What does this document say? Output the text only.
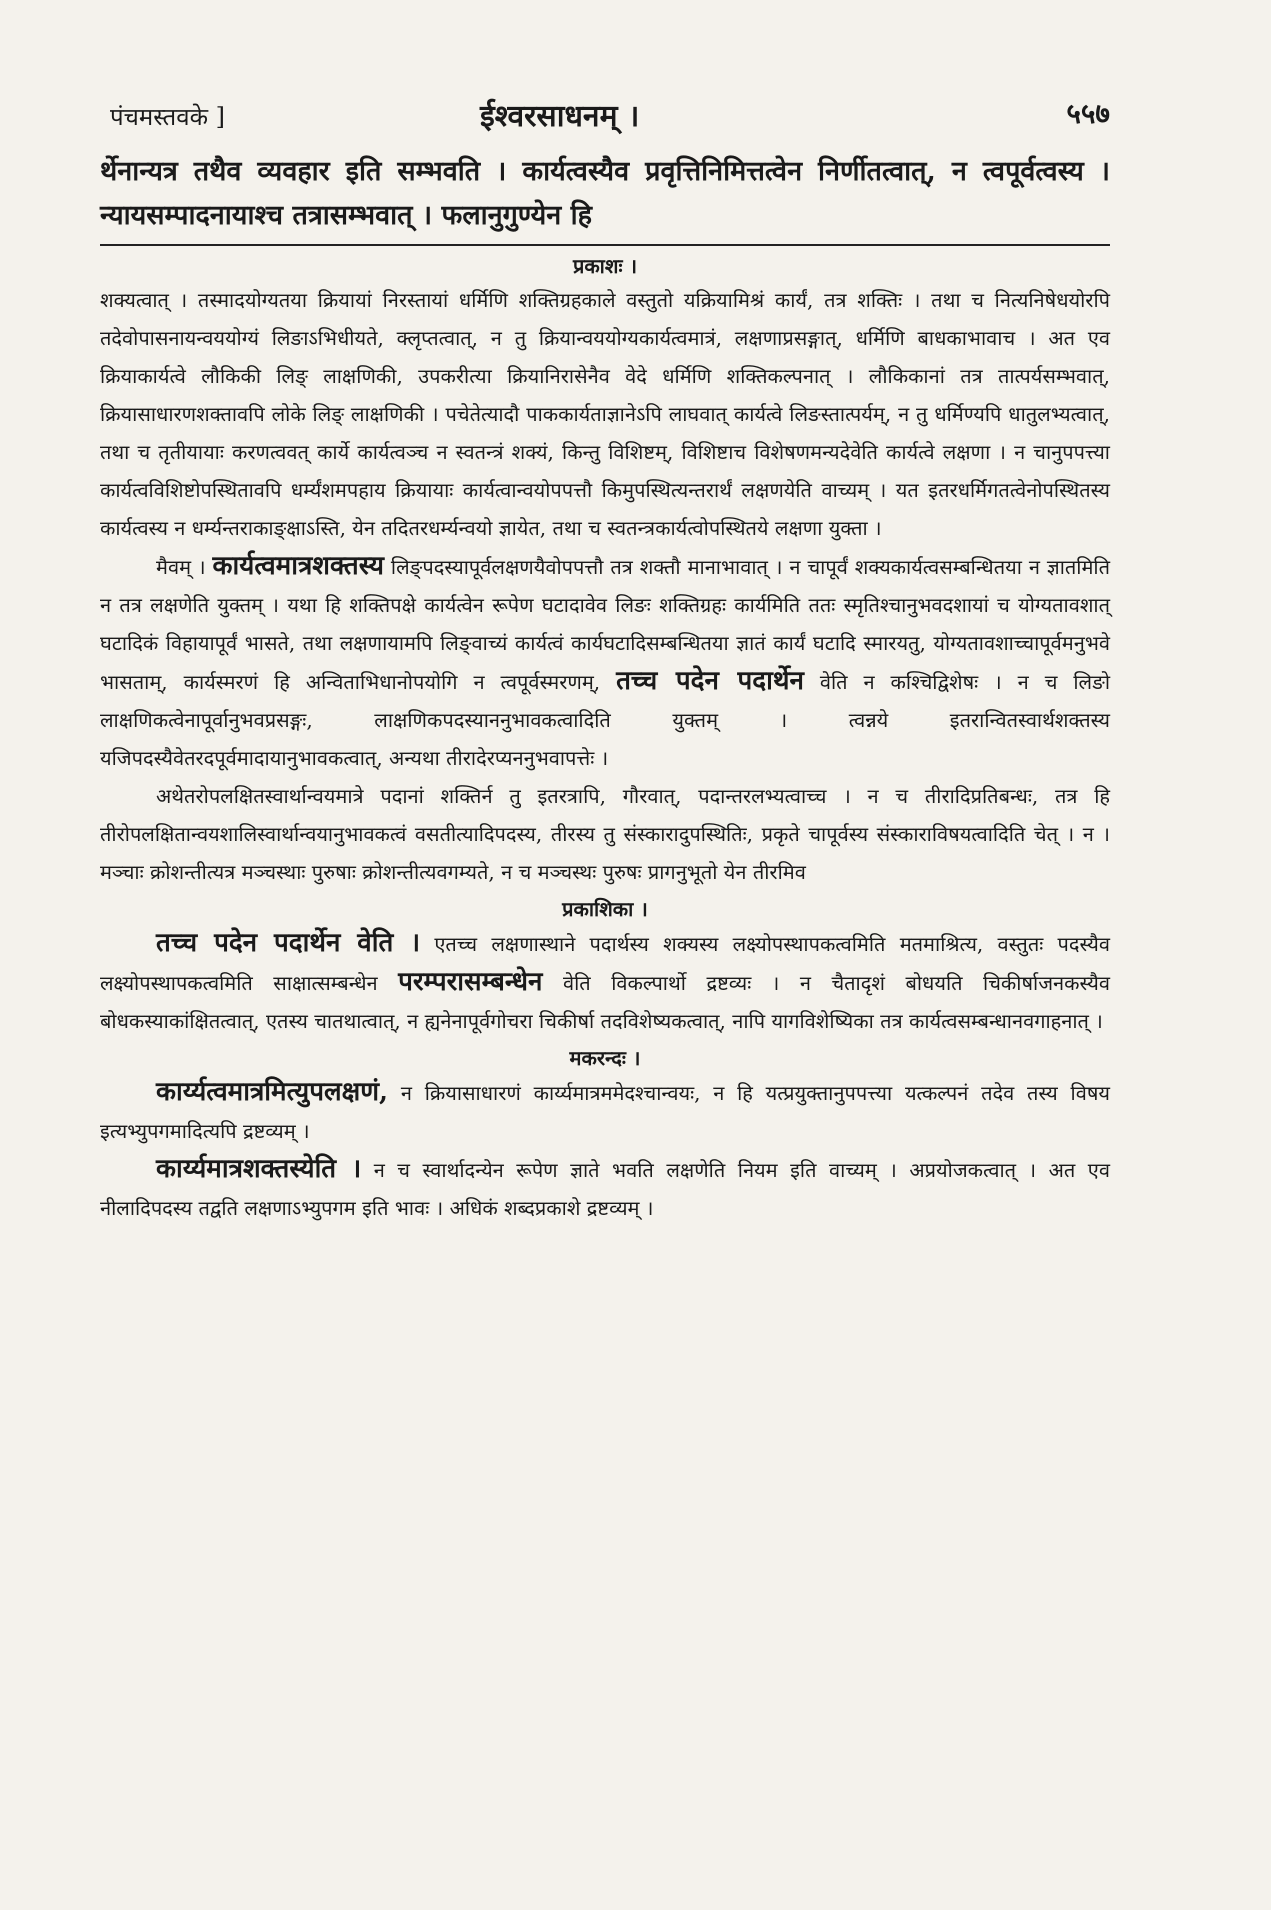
पंचमस्तवके ]	ईश्वरसाधनम् ।	५५७
र्थेनान्यत्र तथैव व्यवहार इति सम्भवति । कार्यत्वस्यैव प्रवृत्तिनिमित्तत्वेन निर्णीतत्वात्, न त्वपूर्वत्वस्य । न्यायसम्पादनायाश्च तत्रासम्भवात् । फलानुगुण्येन हि
प्रकाशः ।

शक्यत्वात् । तस्मादयोग्यतया क्रियायां निरस्तायां धर्मिणि शक्तिग्रहकाले वस्तुतो यक्रियामिश्रं कार्यं, तत्र शक्तिः । तथा च नित्यनिषेधयोरपि तदेवोपासनायन्वययोग्यं लिङाऽभिधीयते, क्लृप्तत्वात्, न तु क्रियान्वययोग्यकार्यत्वमात्रं, लक्षणाप्रसङ्गात्, धर्मिणि बाधकाभावाच । अत एव क्रियाकार्यत्वे लौकिकी लिङ् लाक्षणिकी, उपकरीत्या क्रियानिरासेनैव वेदे धर्मिणि शक्तिकल्पनात् । लौकिकानां तत्र तात्पर्यसम्भवात्, क्रियासाधारणशक्तावपि लोके लिङ् लाक्षणिकी । पचेतेत्यादौ पाककार्यताज्ञानेऽपि लाघवात् कार्यत्वे लिङस्तात्पर्यम्, न तु धर्मिण्यपि धातुलभ्यत्वात्, तथा च तृतीयायाः करणत्ववत् कार्ये कार्यत्वञ्च न स्वतन्त्रं शक्यं, किन्तु विशिष्टम्, विशिष्टाच विशेषणमन्यदेवेति कार्यत्वे लक्षणा । न चानुपपत्त्या कार्यत्वविशिष्टोपस्थितावपि धर्म्यंशमपहाय क्रियायाः कार्यत्वान्वयोपपत्तौ किमुपस्थित्यन्तरार्थं लक्षणयेति वाच्यम् । यत इतरधर्मिगतत्वेनोपस्थितस्य कार्यत्वस्य न धर्म्यन्तराकाङ्क्षाऽस्ति, येन तदितरधर्म्यन्वयो ज्ञायेत, तथा च स्वतन्त्रकार्यत्वोपस्थितये लक्षणा युक्ता ।

मैवम् । कार्यत्वमात्रशक्तस्य लिङ्पदस्यापूर्वलक्षणयैवोपपत्तौ तत्र शक्तौ मानाभावात् । न चापूर्वं शक्यकार्यत्वसम्बन्धितया न ज्ञातमिति न तत्र लक्षणेति युक्तम् । यथा हि शक्तिपक्षे कार्यत्वेन रूपेण घटादावेव लिङः शक्तिग्रहः कार्यमिति ततः स्मृतिश्चानुभवदशायां च योग्यतावशात् घटादिकं विहायापूर्वं भासते, तथा लक्षणायामपि लिङ्वाच्यं कार्यत्वं कार्यघटादिसम्बन्धितया ज्ञातं कार्यं घटादि स्मारयतु, योग्यतावशाच्चापूर्वमनुभवे भासताम्, कार्यस्मरणं हि अन्विताभिधानोपयोगि न त्वपूर्वस्मरणम्, तच्च पदेन पदार्थेन वेति न कश्चिद्विशेषः । न च लिङो लाक्षणिकत्वेनापूर्वानुभवप्रसङ्गः, लाक्षणिकपदस्याननुभावकत्वादिति युक्तम् । त्वन्नये इतरान्वितस्वार्थशक्तस्य यजिपदस्यैवेतरदपूर्वमादायानुभावकत्वात्, अन्यथा तीरादेरप्यननुभवापत्तेः ।

अथेतरोपलक्षितस्वार्थान्वयमात्रे पदानां शक्तिर्न तु इतरत्रापि, गौरवात्, पदान्तरलभ्यत्वाच्च । न च तीरादिप्रतिबन्धः, तत्र हि तीरोपलक्षितान्वयशालिस्वार्थान्वयानुभावकत्वं वसतीत्यादिपदस्य, तीरस्य तु संस्कारादुपस्थितिः, प्रकृते चापूर्वस्य संस्काराविषयत्वादिति चेत् । न । मञ्चाः क्रोशन्तीत्यत्र मञ्चस्थाः पुरुषाः क्रोशन्तीत्यवगम्यते, न च मञ्चस्थः पुरुषः प्रागनुभूतो येन तीरमिव

प्रकाशिका ।

तच्च पदेन पदार्थेन वेति । एतच्च लक्षणास्थाने पदार्थस्य शक्यस्य लक्ष्योपस्थापकत्वमिति मतमाश्रित्य, वस्तुतः पदस्यैव लक्ष्योपस्थापकत्वमिति साक्षात्सम्बन्धेन परम्परासम्बन्धेन वेति विकल्पार्थो द्रष्टव्यः । न चैतादृशं बोधयति चिकीर्षाजनकस्यैव बोधकस्याकांक्षितत्वात्, एतस्य चातथात्वात्, न ह्यनेनापूर्वगोचरा चिकीर्षा तदविशेष्यकत्वात्, नापि यागविशेष्यिका तत्र कार्यत्वसम्बन्धानवगाहनात् ।

मकरन्दः ।

कार्य्यत्वमात्रमित्युपलक्षणं, न क्रियासाधारणं कार्य्यमात्रममेदश्चान्वयः, न हि यत्प्रयुक्तानुपपत्त्या यत्कल्पनं तदेव तस्य विषय इत्यभ्युपगमादित्यपि द्रष्टव्यम् ।

कार्य्यमात्रशक्तस्येति । न च स्वार्थादन्येन रूपेण ज्ञाते भवति लक्षणेति नियम इति वाच्यम् । अप्रयोजकत्वात् । अत एव नीलादिपदस्य तद्वति लक्षणाऽभ्युपगम इति भावः । अधिकं शब्दप्रकाशे द्रष्टव्यम् ।
